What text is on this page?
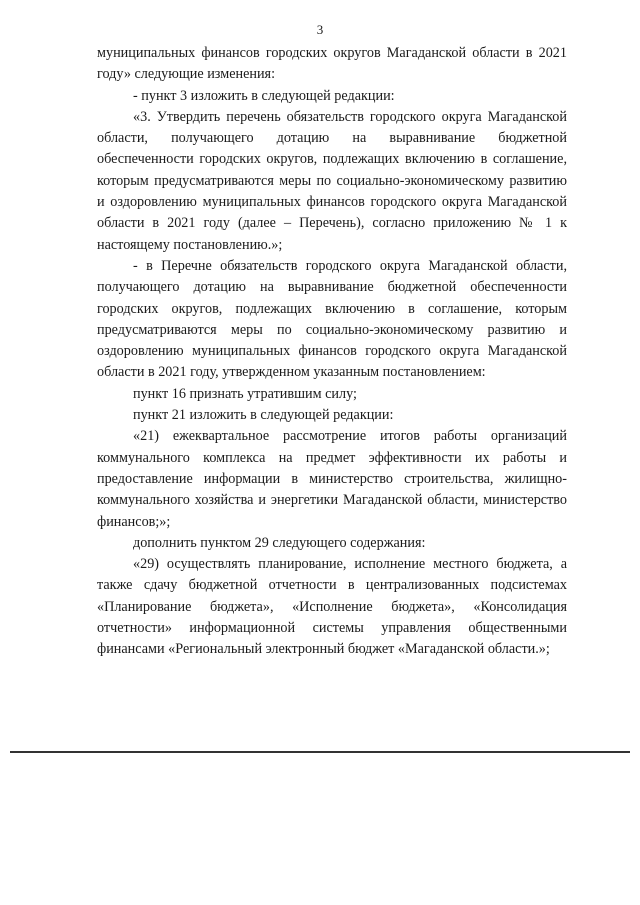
3

муниципальных финансов городских округов Магаданской области в 2021 году» следующие изменения:

- пункт 3 изложить в следующей редакции:

«3. Утвердить перечень обязательств городского округа Магаданской области, получающего дотацию на выравнивание бюджетной обеспеченности городских округов, подлежащих включению в соглашение, которым предусматриваются меры по социально-экономическому развитию и оздоровлению муниципальных финансов городского округа Магаданской области в 2021 году (далее – Перечень), согласно приложению № 1 к настоящему постановлению.»;

- в Перечне обязательств городского округа Магаданской области, получающего дотацию на выравнивание бюджетной обеспеченности городских округов, подлежащих включению в соглашение, которым предусматриваются меры по социально-экономическому развитию и оздоровлению муниципальных финансов городского округа Магаданской области в 2021 году, утвержденном указанным постановлением:

пункт 16 признать утратившим силу;

пункт 21 изложить в следующей редакции:

«21) ежеквартальное рассмотрение итогов работы организаций коммунального комплекса на предмет эффективности их работы и предоставление информации в министерство строительства, жилищно-коммунального хозяйства и энергетики Магаданской области, министерство финансов;»;

дополнить пунктом 29 следующего содержания:

«29) осуществлять планирование, исполнение местного бюджета, а также сдачу бюджетной отчетности в централизованных подсистемах «Планирование бюджета», «Исполнение бюджета», «Консолидация отчетности» информационной системы управления общественными финансами «Региональный электронный бюджет «Магаданской области.»;
